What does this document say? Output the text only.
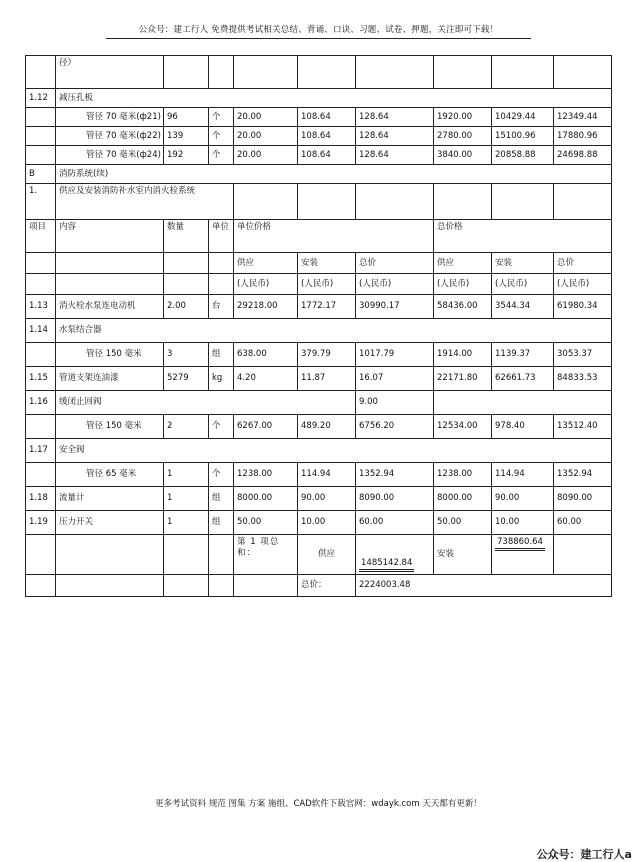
公众号：建工行人 免费提供考试相关总结、背诵、口诀、习题、试卷、押题，关注即可下载！
	径）								
1.12	减压孔板								
	管径 70 毫米(ф21)	96	个	20.00	108.64	128.64	1920.00	10429.44	12349.44
	管径 70 毫米(ф22)	139	个	20.00	108.64	128.64	2780.00	15100.96	17880.96
	管径 70 毫米(ф24)	192	个	20.00	108.64	128.64	3840.00	20858.88	24698.88
B	消防系统(续)								
1.	供应及安装消防补水室内消火栓系统								
项目	内容	数量	单位	单位价格			总价格		
				供应	安装	总价	供应	安装	总价
				(人民币)	(人民币)	(人民币)	(人民币)	(人民币)	(人民币)
1.13	消火栓水泵连电动机	2.00	台	29218.00	1772.17	30990.17	58436.00	3544.34	61980.34
1.14	水泵结合器								
	管径 150 毫米	3	组	638.00	379.79	1017.79	1914.00	1139.37	3053.37
1.15	管道支架连油漆	5279	kg	4.20	11.87	16.07	22171.80	62661.73	84833.53
1.16	缓闭止回阀					9.00			
	管径 150 毫米	2	个	6267.00	489.20	6756.20	12534.00	978.40	13512.40
1.17	安全阀								
	管径 65 毫米	1	个	1238.00	114.94	1352.94	1238.00	114.94	1352.94
1.18	流量计	1	组	8000.00	90.00	8090.00	8000.00	90.00	8090.00
1.19	压力开关	1	组	50.00	10.00	60.00	50.00	10.00	60.00
				第 1 项总和：	供应	1485142.84	安装	738860.64	
					总价：	2224003.48			
更多考试资料 规范 图集 方案 施组、CAD软件下载官网：wdayk.com 天天都有更新！
公众号：建工行人a
